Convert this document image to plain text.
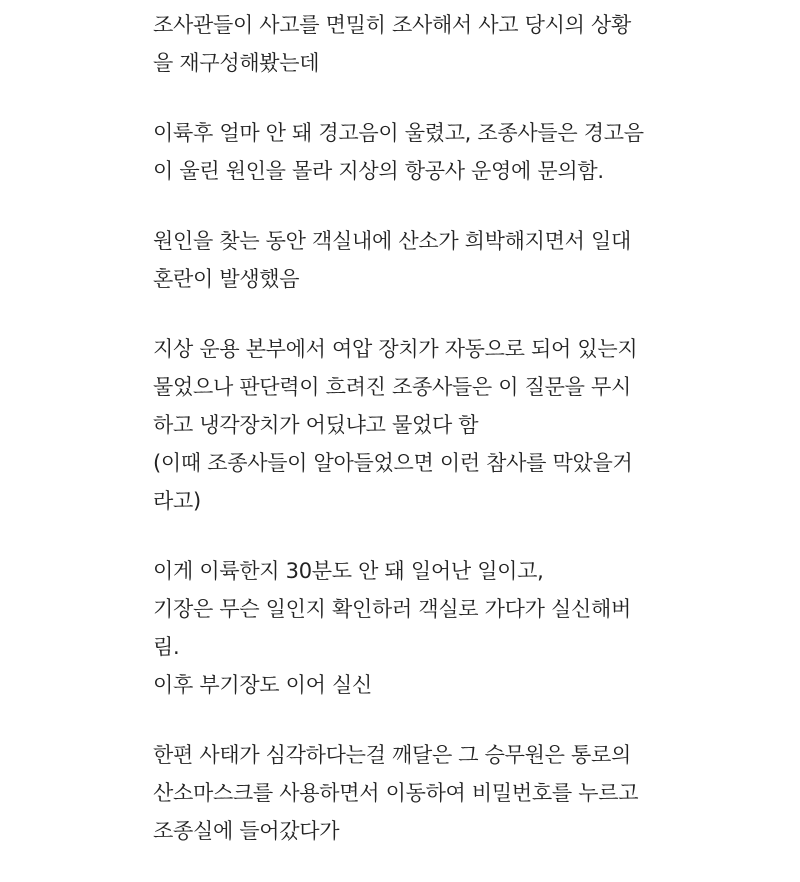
조사관들이 사고를 면밀히 조사해서 사고 당시의 상황
을 재구성해봤는데
이륙후 얼마 안 돼 경고음이 울렸고, 조종사들은 경고음
이 울린 원인을 몰라 지상의 항공사 운영에 문의함.
원인을 찾는 동안 객실내에 산소가 희박해지면서 일대
혼란이 발생했음
지상 운용 본부에서 여압 장치가 자동으로 되어 있는지
물었으나 판단력이 흐려진 조종사들은 이 질문을 무시
하고 냉각장치가 어딨냐고 물었다 함
(이때 조종사들이 알아들었으면 이런 참사를 막았을거
라고)
이게 이륙한지 30분도 안 돼 일어난 일이고,
기장은 무슨 일인지 확인하러 객실로 가다가 실신해버
림.
이후 부기장도 이어 실신
한편 사태가 심각하다는걸 깨달은 그 승무원은 통로의
산소마스크를 사용하면서 이동하여 비밀번호를 누르고
조종실에 들어갔다가
